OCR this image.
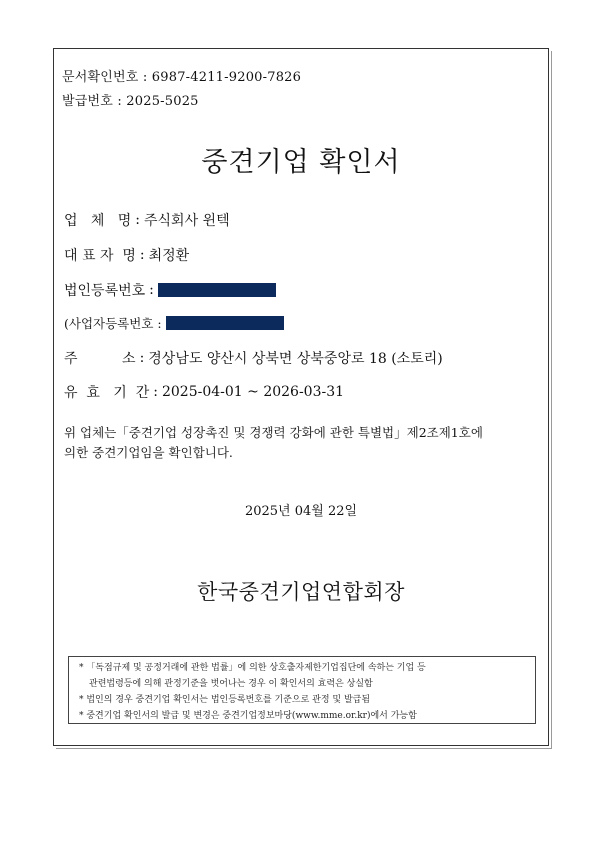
문서확인번호 : 6987-4211-9200-7826
발급번호 : 2025-5025
중견기업 확인서
업   체   명 : 주식회사 윈텍
대 표 자  명 : 최정환
법인등록번호 :
(사업자등록번호 :
주          소 : 경상남도 양산시 상북면 상북중앙로 18 (소토리)
유  효   기  간 : 2025-04-01 ~ 2026-03-31
위 업체는「중견기업 성장촉진 및 경쟁력 강화에 관한 특별법」제2조제1호에
의한 중견기업임을 확인합니다.
2025년 04월 22일
한국중견기업연합회장
* 「독점규제 및 공정거래에 관한 법률」에 의한 상호출자제한기업집단에 속하는 기업 등
관련법령등에 의해 관정기준을 벗어나는 경우 이 확인서의 효력은 상실함
* 법인의 경우 중견기업 확인서는 법인등록번호를 기준으로 관정 및 발급됨
* 중견기업 확인서의 발급 및 변경은 중견기업정보마당(www.mme.or.kr)에서 가능함
